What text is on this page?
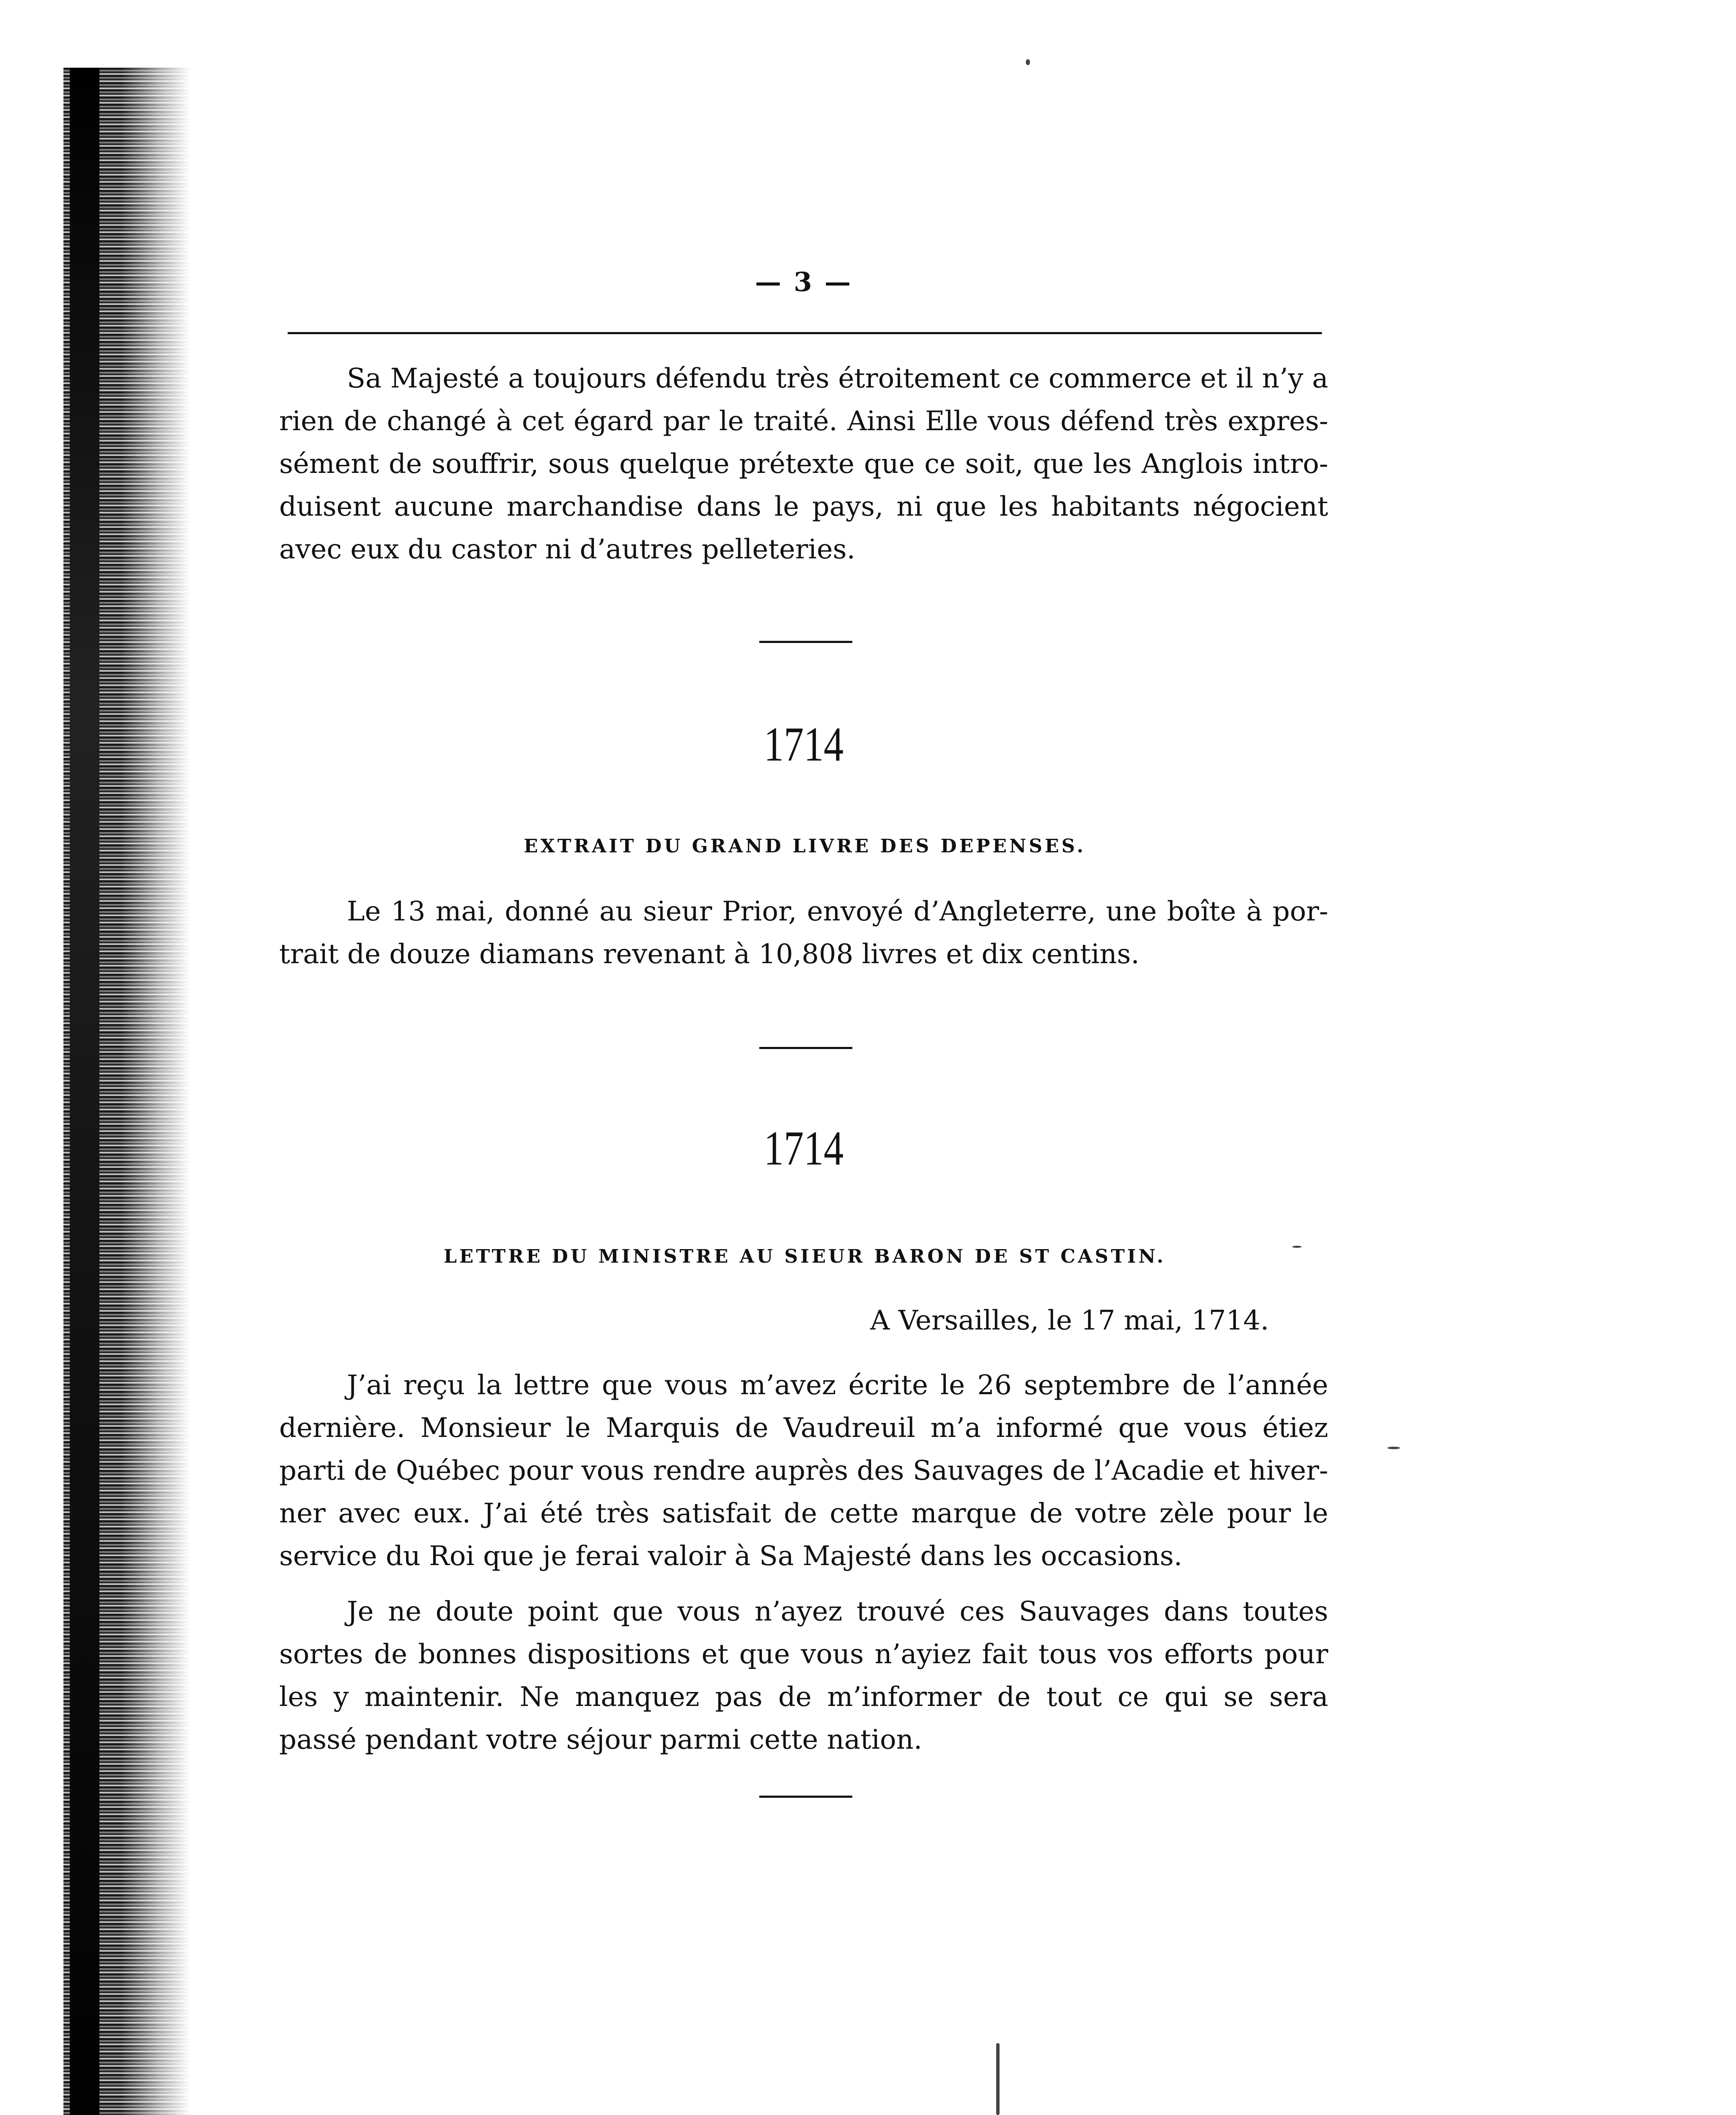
— 3 —
Sa Majesté a toujours défendu très étroitement ce commerce et il n’y a
rien de changé à cet égard par le traité. Ainsi Elle vous défend très expres-
sément de souffrir, sous quelque prétexte que ce soit, que les Anglois intro-
duisent aucune marchandise dans le pays, ni que les habitants négocient
avec eux du castor ni d’autres pelleteries.
1714
EXTRAIT DU GRAND LIVRE DES DEPENSES.
Le 13 mai, donné au sieur Prior, envoyé d’Angleterre, une boîte à por-
trait de douze diamans revenant à 10,808 livres et dix centins.
1714
LETTRE DU MINISTRE AU SIEUR BARON DE ST CASTIN.
A Versailles, le 17 mai, 1714.
J’ai reçu la lettre que vous m’avez écrite le 26 septembre de l’année
dernière. Monsieur le Marquis de Vaudreuil m’a informé que vous étiez
parti de Québec pour vous rendre auprès des Sauvages de l’Acadie et hiver-
ner avec eux. J’ai été très satisfait de cette marque de votre zèle pour le
service du Roi que je ferai valoir à Sa Majesté dans les occasions.
Je ne doute point que vous n’ayez trouvé ces Sauvages dans toutes
sortes de bonnes dispositions et que vous n’ayiez fait tous vos efforts pour
les y maintenir. Ne manquez pas de m’informer de tout ce qui se sera
passé pendant votre séjour parmi cette nation.
